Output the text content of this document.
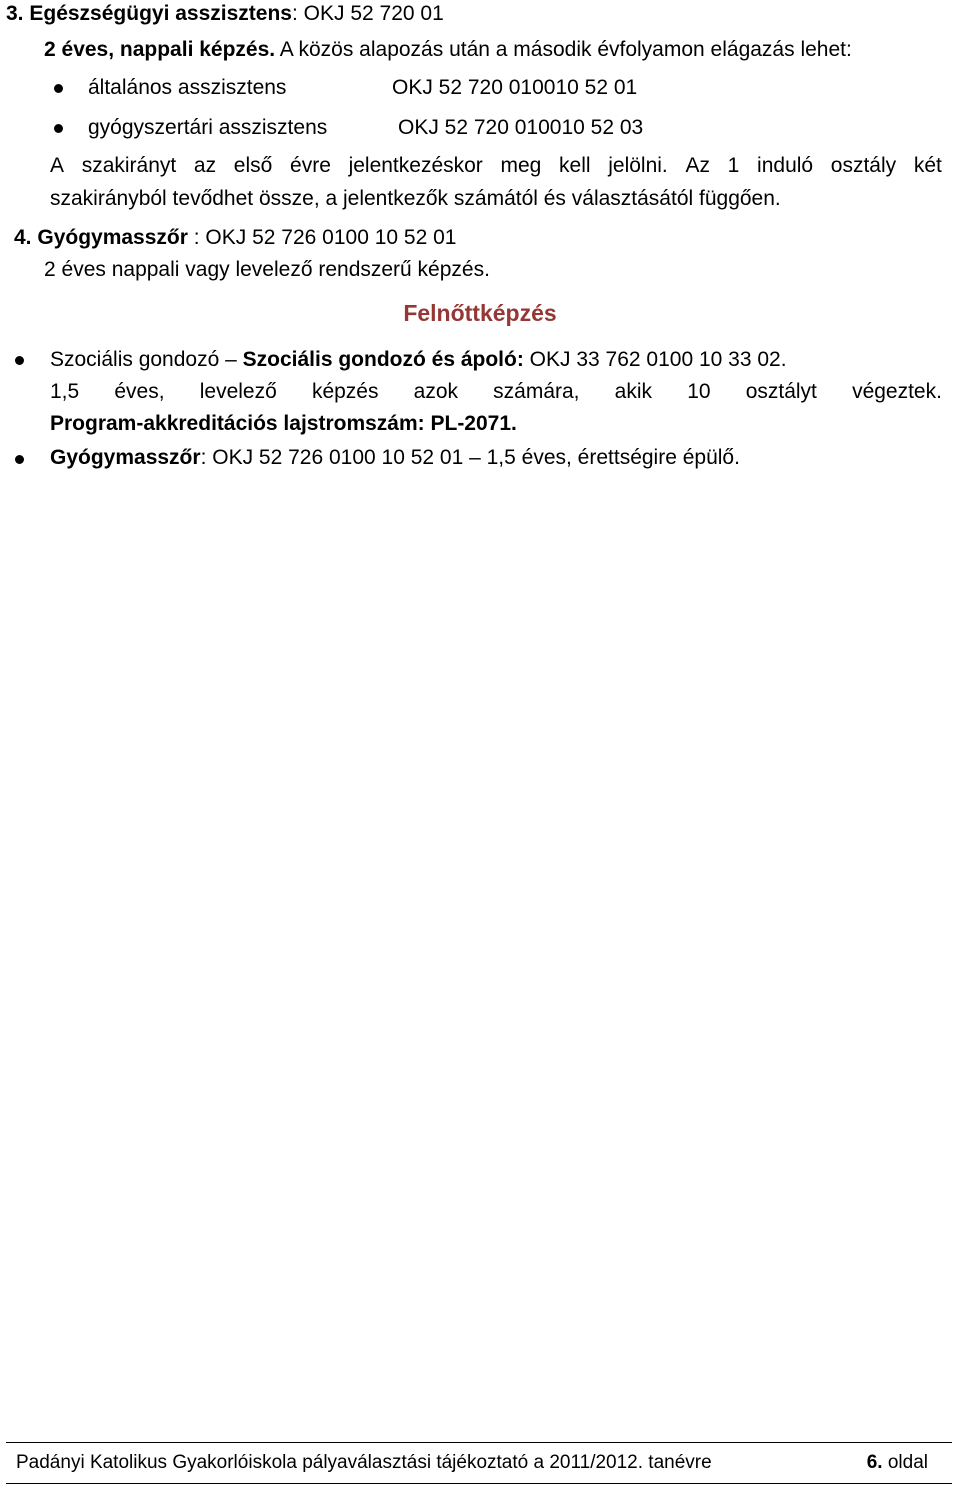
3. Egészségügyi asszisztens: OKJ 52 720 01
2 éves, nappali képzés. A közös alapozás után a második évfolyamon elágazás lehet:
általános asszisztens	OKJ 52 720 010010 52 01
gyógyszertári asszisztens	OKJ 52 720 010010 52 03
A szakirányt az első évre jelentkezéskor meg kell jelölni. Az 1 induló osztály két
szakirányból tevődhet össze, a jelentkezők számától és választásától függően.
4. Gyógymasszőr : OKJ 52 726 0100 10 52 01
2 éves nappali vagy levelező rendszerű képzés.
Felnőttképzés
Szociális gondozó – Szociális gondozó és ápoló: OKJ 33 762 0100 10 33 02.
1,5 éves, levelező képzés azok számára, akik 10 osztályt végeztek.
Program-akkreditációs lajstromszám: PL-2071.
Gyógymasszőr: OKJ 52 726 0100 10 52 01 – 1,5 éves, érettségire épülő.
Padányi Katolikus Gyakorlóiskola pályaválasztási tájékoztató a 2011/2012. tanévre	6. oldal
